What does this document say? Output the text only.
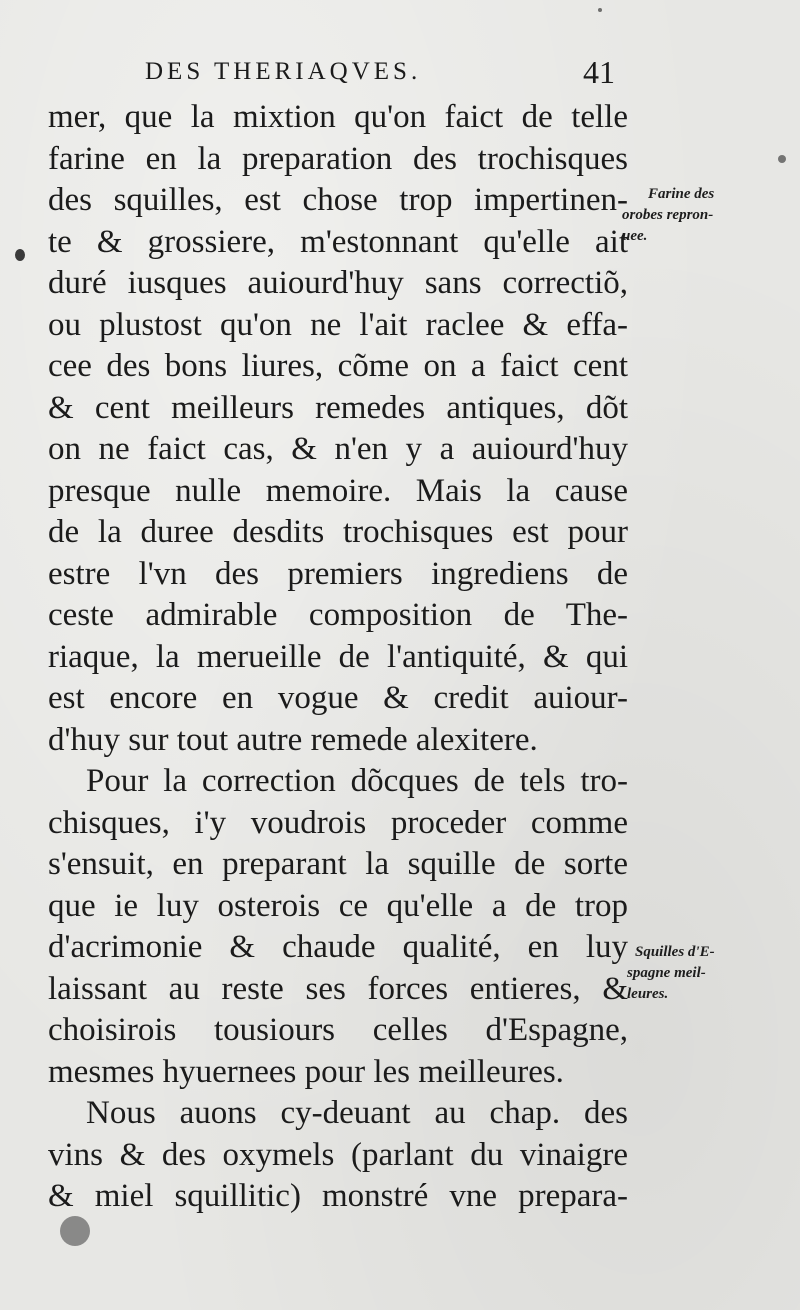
DES THERIAQVES.	41
mer, que la mixtion qu'on faict de telle
farine en la preparation des trochisques
des squilles, est chose trop impertinen-
te & grossiere, m'estonnant qu'elle ait
duré iusques auiourd'huy sans correctiõ,
ou plustost qu'on ne l'ait raclee & effa-
cee des bons liures, cõme on a faict cent
& cent meilleurs remedes antiques, dõt
on ne faict cas, & n'en y a auiourd'huy
presque nulle memoire. Mais la cause
de la duree desdits trochisques est pour
estre l'vn des premiers ingrediens de
ceste admirable composition de The-
riaque, la merueille de l'antiquité, & qui
est encore en vogue & credit auiour-
d'huy sur tout autre remede alexitere.
Pour la correction dõcques de tels tro-
chisques, i'y voudrois proceder comme
s'ensuit, en preparant la squille de sorte
que ie luy osterois ce qu'elle a de trop
d'acrimonie & chaude qualité, en luy
laissant au reste ses forces entieres, &
choisirois tousiours celles d'Espagne,
mesmes hyuernees pour les meilleures.
Nous auons cy-deuant au chap. des
vins & des oxymels (parlant du vinaigre
& miel squillitic) monstré vne prepara-
Farine des
orobes repron-
uee.
Squilles d'E-
spagne meil-
leures.
